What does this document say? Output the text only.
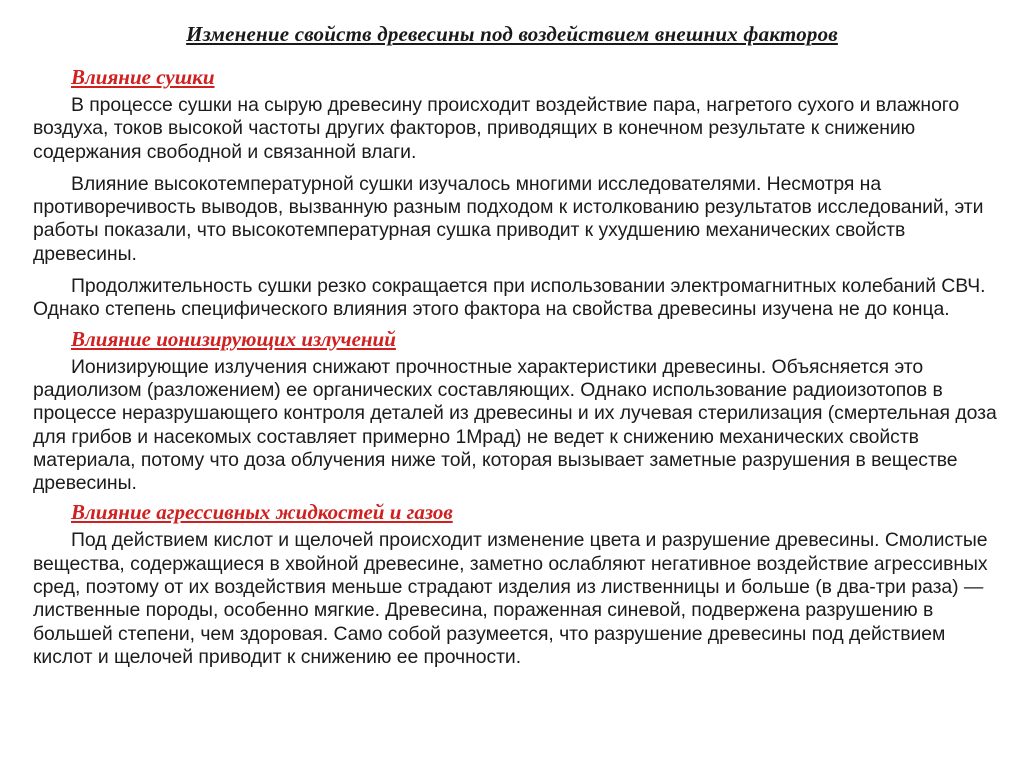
Изменение свойств древесины под воздействием внешних факторов
Влияние сушки

В процессе сушки на сырую древесину происходит воздействие пара, нагретого сухого и влажного воздуха, токов высокой частоты других факторов, приводящих в конечном результате к снижению содержания свободной и связанной влаги.

Влияние высокотемпературной сушки изучалось многими исследователями. Несмотря на противоречивость выводов, вызванную разным подходом к истолкованию результатов исследований, эти работы показали, что высокотемпературная сушка приводит к ухудшению механических свойств древесины.

Продолжительность сушки резко сокращается при использовании электромагнитных колебаний СВЧ. Однако степень специфического влияния этого фактора на свойства древесины изучена не до конца.

Влияние ионизирующих излучений

Ионизирующие излучения снижают прочностные характеристики древесины. Объясняется это радиолизом (разложением) ее органических составляющих. Однако использование радиоизотопов в процессе неразрушающего контроля деталей из древесины и их лучевая стерилизация (смертельная доза для грибов и насекомых составляет примерно 1Мрад) не ведет к снижению механических свойств материала, потому что доза облучения ниже той, которая вызывает заметные разрушения в веществе древесины.

Влияние агрессивных жидкостей и газов

Под действием кислот и щелочей происходит изменение цвета и разрушение древесины. Смолистые вещества, содержащиеся в хвойной древесине, заметно ослабляют негативное воздействие агрессивных сред, поэтому от их воздействия меньше страдают изделия из лиственницы и больше (в два-три раза) — лиственные породы, особенно мягкие. Древесина, пораженная синевой, подвержена разрушению в большей степени, чем здоровая. Само собой разумеется, что разрушение древесины под действием кислот и щелочей приводит к снижению ее прочности.
